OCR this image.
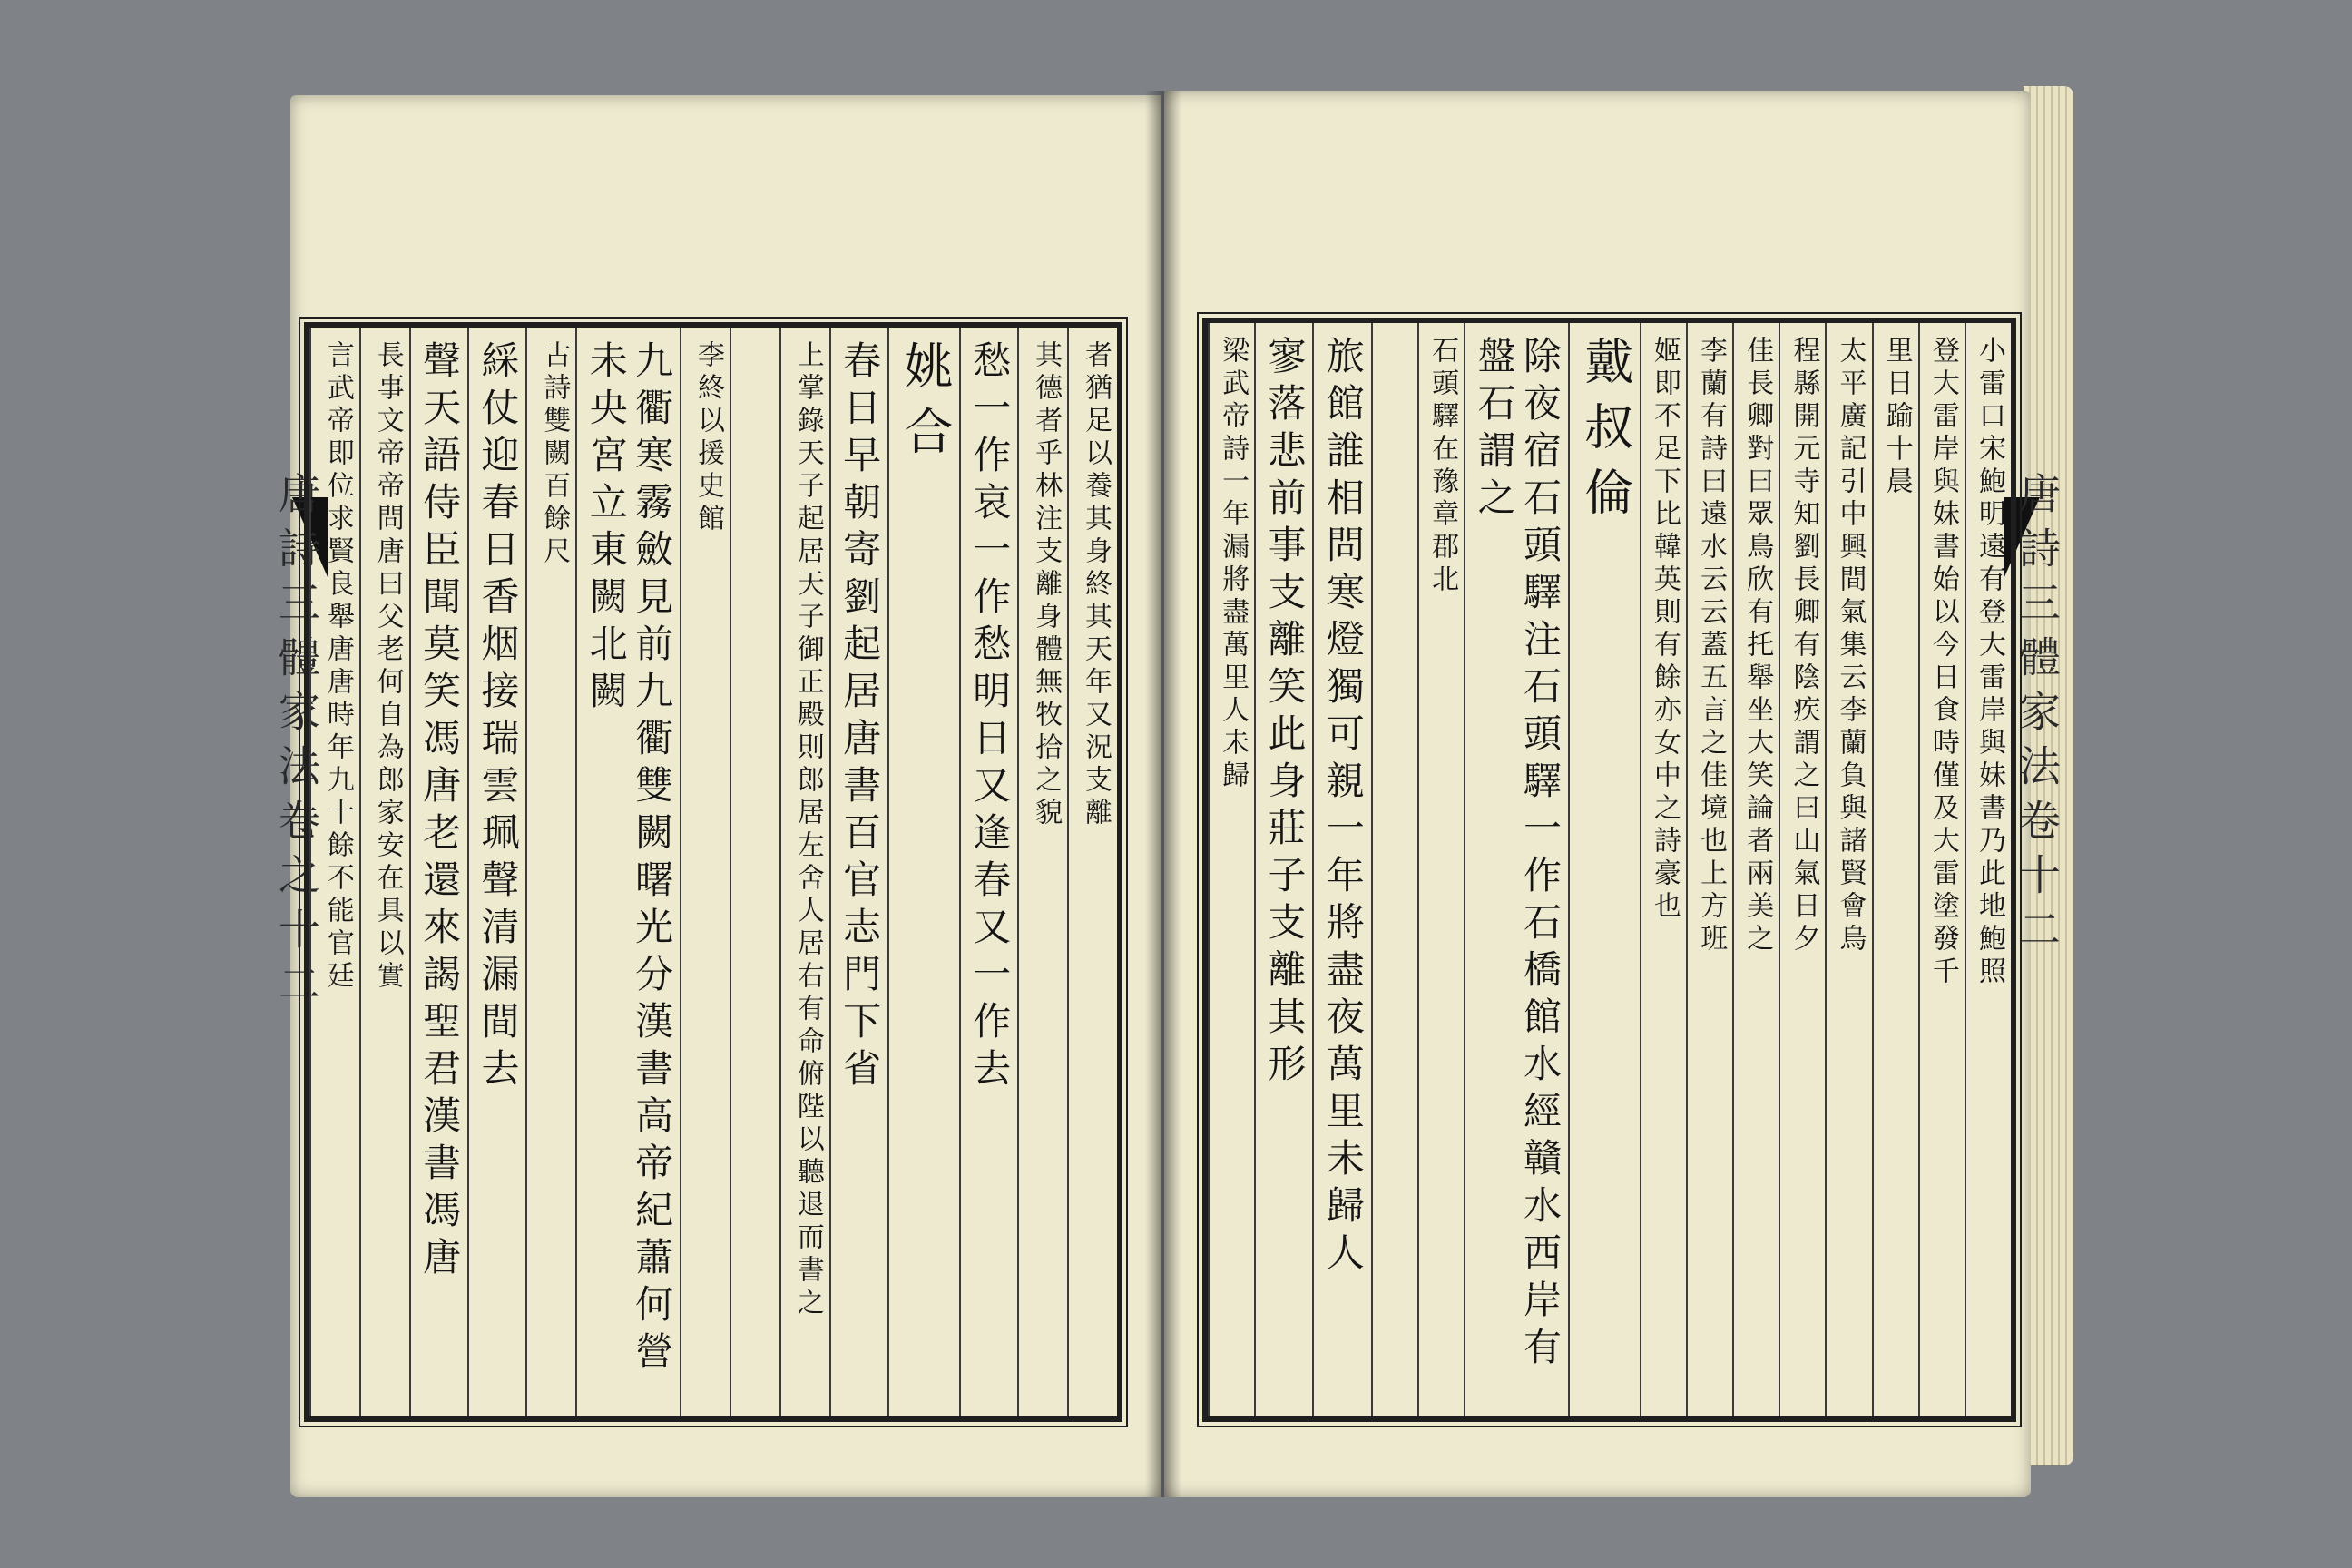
唐詩三體家法卷之十二	唐詩三體家法卷十二
者猶足以養其身終其天年又況支離
其德者乎林注支離身體無牧拾之貌
愁一作哀一作愁明日又逢春又一作去
姚合
春日早朝寄劉起居唐書百官志門下省
上掌錄天子起居天子御正殿則郎居左舍人居右有命俯陛以聽退而書之
李終以援史館
九衢寒霧斂見前九衢雙闕曙光分漢書高帝紀蕭何營未央宮立東闕北闕
古詩雙闕百餘尺
綵仗迎春日香烟接瑞雲珮聲清漏間去
聲天語侍臣聞莫笑馮唐老還來謁聖君漢書馮唐
長事文帝帝問唐曰父老何自為郎家安在具以實
言武帝即位求賢良舉唐唐時年九十餘不能官廷	小雷口宋鮑明遠有登大雷岸與妹書乃此地鮑照
登大雷岸與妹書始以今日食時僅及大雷塗發千
里日踰十晨
太平廣記引中興間氣集云李蘭負與諸賢會烏
程縣開元寺知劉長卿有陰疾謂之曰山氣日夕
佳長卿對曰眾鳥欣有托舉坐大笑論者兩美之
李蘭有詩曰遠水云云蓋五言之佳境也上方班
姬即不足下比韓英則有餘亦女中之詩豪也
戴叔倫
除夜宿石頭驛注石頭驛一作石橋館水經贛水西岸有盤石謂之
石頭驛在豫章郡北
旅館誰相問寒燈獨可親一年將盡夜萬里未歸人
寥落悲前事支離笑此身莊子支離其形
梁武帝詩一年漏將盡萬里人未歸
